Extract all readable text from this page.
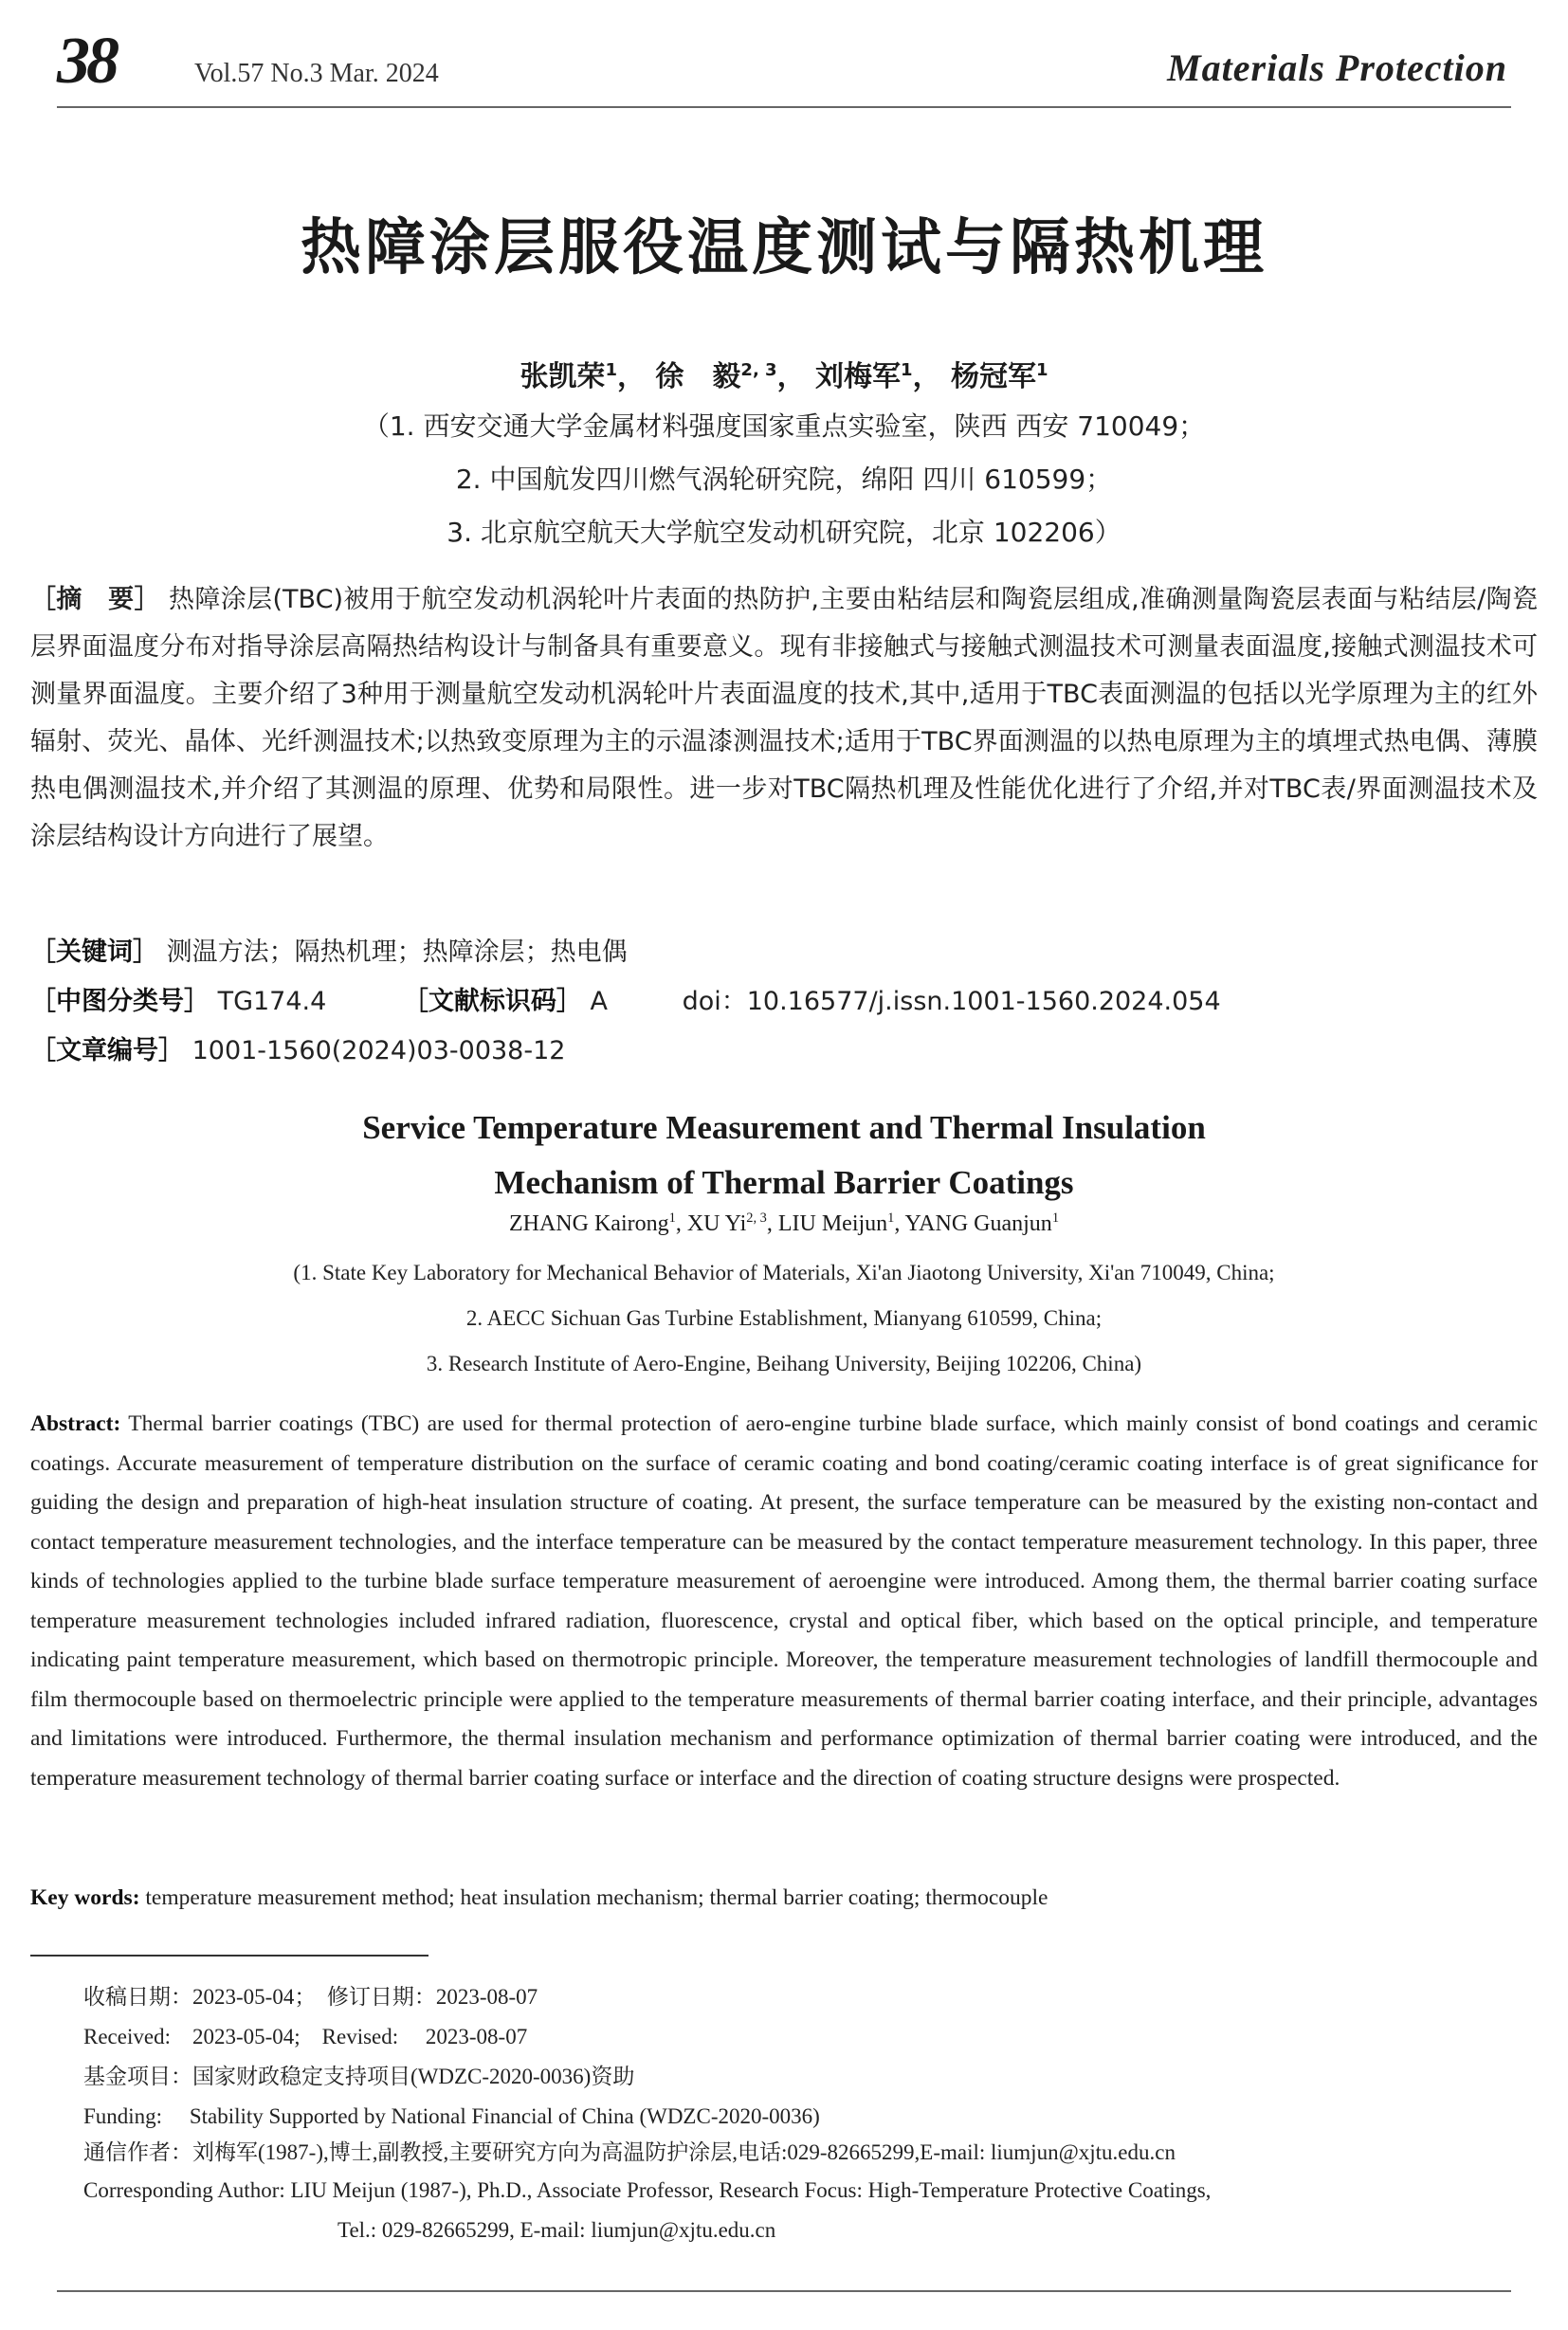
38	Vol.57 No.3 Mar. 2024	Materials Protection
热障涂层服役温度测试与隔热机理
张凯荣$^1$， 徐　毅$^{2, 3}$， 刘梅军$^1$， 杨冠军$^1$
（1. 西安交通大学金属材料强度国家重点实验室，陕西 西安 710049；
2. 中国航发四川燃气涡轮研究院，绵阳 四川 610599；
3. 北京航空航天大学航空发动机研究院，北京 102206）
［摘　要］ 热障涂层(TBC)被用于航空发动机涡轮叶片表面的热防护,主要由粘结层和陶瓷层组成,准确测量陶瓷层表面与粘结层/陶瓷层界面温度分布对指导涂层高隔热结构设计与制备具有重要意义。现有非接触式与接触式测温技术可测量表面温度,接触式测温技术可测量界面温度。主要介绍了3种用于测量航空发动机涡轮叶片表面温度的技术,其中,适用于TBC表面测温的包括以光学原理为主的红外辐射、荧光、晶体、光纤测温技术;以热致变原理为主的示温漆测温技术;适用于TBC界面测温的以热电原理为主的填埋式热电偶、薄膜热电偶测温技术,并介绍了其测温的原理、优势和局限性。进一步对TBC隔热机理及性能优化进行了介绍,并对TBC表/界面测温技术及涂层结构设计方向进行了展望。
［关键词］ 测温方法；隔热机理；热障涂层；热电偶
［中图分类号］ TG174.4	［文献标识码］ A	doi：10.16577/j.issn.1001-1560.2024.054
［文章编号］ 1001-1560(2024)03-0038-12
Service Temperature Measurement and Thermal Insulation
Mechanism of Thermal Barrier Coatings
ZHANG Kairong$^1$, XU Yi$^{2, 3}$, LIU Meijun$^1$, YANG Guanjun$^1$
(1. State Key Laboratory for Mechanical Behavior of Materials, Xi'an Jiaotong University, Xi'an 710049, China;
2. AECC Sichuan Gas Turbine Establishment, Mianyang 610599, China;
3. Research Institute of Aero-Engine, Beihang University, Beijing 102206, China)
Abstract: Thermal barrier coatings (TBC) are used for thermal protection of aero-engine turbine blade surface, which mainly consist of bond coatings and ceramic coatings. Accurate measurement of temperature distribution on the surface of ceramic coating and bond coating/ceramic coating interface is of great significance for guiding the design and preparation of high-heat insulation structure of coating. At present, the surface temperature can be measured by the existing non-contact and contact temperature measurement technologies, and the interface temperature can be measured by the contact temperature measurement technology. In this paper, three kinds of technologies applied to the turbine blade surface temperature measurement of aeroengine were introduced. Among them, the thermal barrier coating surface temperature measurement technologies included infrared radiation, fluorescence, crystal and optical fiber, which based on the optical principle, and temperature indicating paint temperature measurement, which based on thermotropic principle. Moreover, the temperature measurement technologies of landfill thermocouple and film thermocouple based on thermoelectric principle were applied to the temperature measurements of thermal barrier coating interface, and their principle, advantages and limitations were introduced. Furthermore, the thermal insulation mechanism and performance optimization of thermal barrier coating were introduced, and the temperature measurement technology of thermal barrier coating surface or interface and the direction of coating structure designs were prospected.
Key words: temperature measurement method; heat insulation mechanism; thermal barrier coating; thermocouple
收稿日期：2023-05-04；　修订日期：2023-08-07
Received:　2023-05-04;　Revised:　 2023-08-07
基金项目：国家财政稳定支持项目(WDZC-2020-0036)资助
Funding:　 Stability Supported by National Financial of China (WDZC-2020-0036)
通信作者：刘梅军(1987-),博士,副教授,主要研究方向为高温防护涂层,电话:029-82665299,E-mail: liumjun@xjtu.edu.cn
Corresponding Author: LIU Meijun (1987-), Ph.D., Associate Professor, Research Focus: High-Temperature Protective Coatings,
Tel.: 029-82665299, E-mail: liumjun@xjtu.edu.cn
